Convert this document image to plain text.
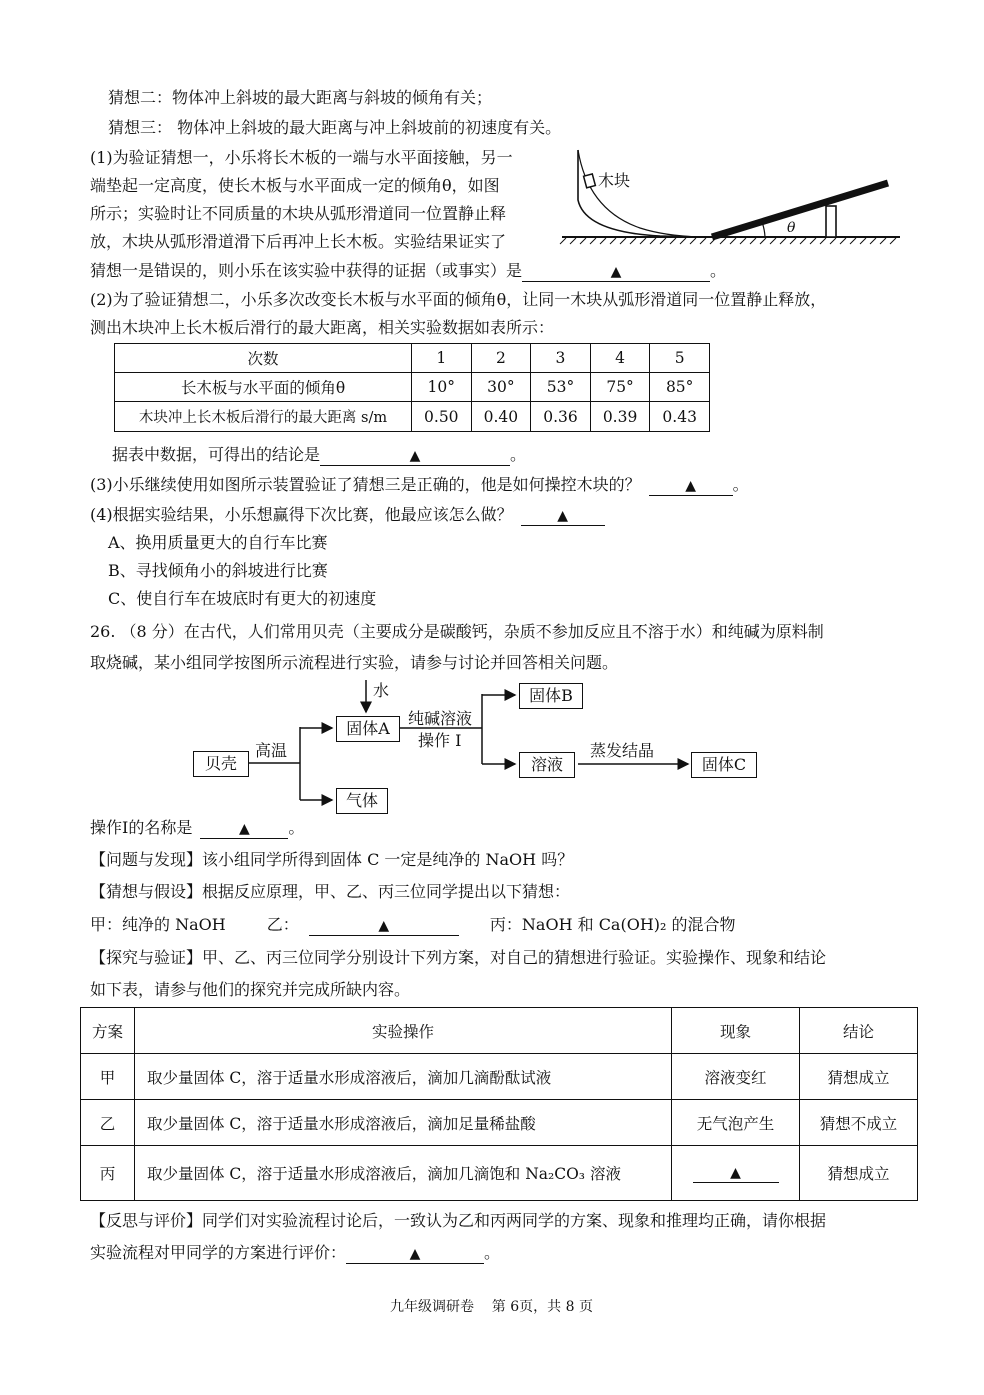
猜想二：物体冲上斜坡的最大距离与斜坡的倾角有关；
猜想三： 物体冲上斜坡的最大距离与冲上斜坡前的初速度有关。
(1)为验证猜想一，小乐将长木板的一端与水平面接触，另一
端垫起一定高度，使长木板与水平面成一定的倾角θ，如图
所示；实验时让不同质量的木块从弧形滑道同一位置静止释
放，木块从弧形滑道滑下后再冲上长木板。实验结果证实了
猜想一是错误的，则小乐在该实验中获得的证据（或事实）是	▲	。
木块
θ
(2)为了验证猜想二，小乐多次改变长木板与水平面的倾角θ，让同一木块从弧形滑道同一位置静止释放，
测出木块冲上长木板后滑行的最大距离，相关实验数据如表所示：
次数	1	2	3	4	5
长木板与水平面的倾角θ	10°	30°	53°	75°	85°
木块冲上长木板后滑行的最大距离 s/m	0.50	0.40	0.36	0.39	0.43
据表中数据，可得出的结论是	▲	。
(3)小乐继续使用如图所示装置验证了猜想三是正确的，他是如何操控木块的？	▲ 。
(4)根据实验结果，小乐想赢得下次比赛，他最应该怎么做？	▲
A、换用质量更大的自行车比赛
B、寻找倾角小的斜坡进行比赛
C、使自行车在坡底时有更大的初速度
26. （8 分）在古代，人们常用贝壳（主要成分是碳酸钙，杂质不参加反应且不溶于水）和纯碱为原料制
取烧碱，某小组同学按图所示流程进行实验，请参与讨论并回答相关问题。
贝壳
高温
水
固体A
气体
纯碱溶液
操作 I
固体B
溶液
蒸发结晶
固体C
操作I的名称是	▲ 。
【问题与发现】该小组同学所得到固体 C 一定是纯净的 NaOH 吗？
【猜想与假设】根据反应原理，甲、乙、丙三位同学提出以下猜想：
甲：纯净的 NaOH	乙：	▲	丙：NaOH 和 Ca(OH)₂ 的混合物
【探究与验证】甲、乙、丙三位同学分别设计下列方案，对自己的猜想进行验证。实验操作、现象和结论
如下表，请参与他们的探究并完成所缺内容。
方案	实验操作	现象	结论
甲	取少量固体 C，溶于适量水形成溶液后，滴加几滴酚酞试液	溶液变红	猜想成立
乙	取少量固体 C，溶于适量水形成溶液后，滴加足量稀盐酸	无气泡产生	猜想不成立
丙	取少量固体 C，溶于适量水形成溶液后，滴加几滴饱和 Na₂CO₃ 溶液	▲	猜想成立
【反思与评价】同学们对实验流程讨论后，一致认为乙和丙两同学的方案、现象和推理均正确，请你根据
实验流程对甲同学的方案进行评价：	▲	。
九年级调研卷    第 6页，共 8 页
